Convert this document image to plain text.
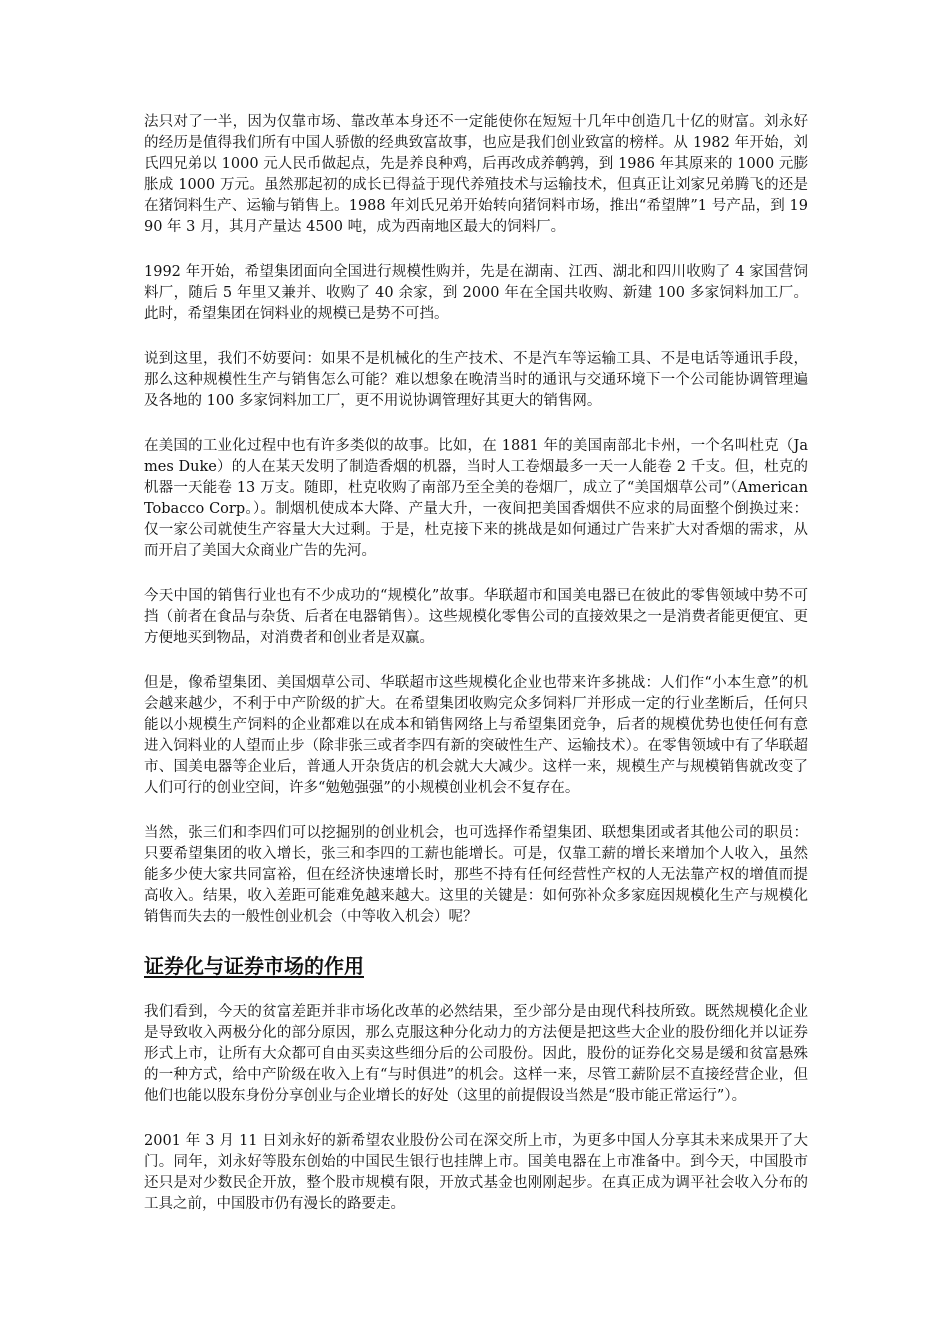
法只对了一半，因为仅靠市场、靠改革本身还不一定能使你在短短十几年中创造几十亿的财富。刘永好的经历是值得我们所有中国人骄傲的经典致富故事，也应是我们创业致富的榜样。从 1982 年开始，刘氏四兄弟以 1000 元人民币做起点，先是养良种鸡，后再改成养鹌鹑，到 1986 年其原来的 1000 元膨胀成 1000 万元。虽然那起初的成长已得益于现代养殖技术与运输技术，但真正让刘家兄弟腾飞的还是在猪饲料生产、运输与销售上。1988 年刘氏兄弟开始转向猪饲料市场，推出“希望牌”1 号产品，到 1990 年 3 月，其月产量达 4500 吨，成为西南地区最大的饲料厂。

1992 年开始，希望集团面向全国进行规模性购并，先是在湖南、江西、湖北和四川收购了 4 家国营饲料厂，随后 5 年里又兼并、收购了 40 余家，到 2000 年在全国共收购、新建 100 多家饲料加工厂。此时，希望集团在饲料业的规模已是势不可挡。

说到这里，我们不妨要问：如果不是机械化的生产技术、不是汽车等运输工具、不是电话等通讯手段，那么这种规模性生产与销售怎么可能？难以想象在晚清当时的通讯与交通环境下一个公司能协调管理遍及各地的 100 多家饲料加工厂，更不用说协调管理好其更大的销售网。

在美国的工业化过程中也有许多类似的故事。比如，在 1881 年的美国南部北卡州，一个名叫杜克（James Duke）的人在某天发明了制造香烟的机器，当时人工卷烟最多一天一人能卷 2 千支。但，杜克的机器一天能卷 13 万支。随即，杜克收购了南部乃至全美的卷烟厂，成立了“美国烟草公司”（American Tobacco Corp。）。制烟机使成本大降、产量大升，一夜间把美国香烟供不应求的局面整个倒换过来：仅一家公司就使生产容量大大过剩。于是，杜克接下来的挑战是如何通过广告来扩大对香烟的需求，从而开启了美国大众商业广告的先河。

今天中国的销售行业也有不少成功的“规模化”故事。华联超市和国美电器已在彼此的零售领域中势不可挡（前者在食品与杂货、后者在电器销售）。这些规模化零售公司的直接效果之一是消费者能更便宜、更方便地买到物品，对消费者和创业者是双赢。

但是，像希望集团、美国烟草公司、华联超市这些规模化企业也带来许多挑战：人们作“小本生意”的机会越来越少，不利于中产阶级的扩大。在希望集团收购完众多饲料厂并形成一定的行业垄断后，任何只能以小规模生产饲料的企业都难以在成本和销售网络上与希望集团竞争，后者的规模优势也使任何有意进入饲料业的人望而止步（除非张三或者李四有新的突破性生产、运输技术）。在零售领域中有了华联超市、国美电器等企业后，普通人开杂货店的机会就大大减少。这样一来，规模生产与规模销售就改变了人们可行的创业空间，许多“勉勉强强”的小规模创业机会不复存在。

当然，张三们和李四们可以挖掘别的创业机会，也可选择作希望集团、联想集团或者其他公司的职员：只要希望集团的收入增长，张三和李四的工薪也能增长。可是，仅靠工薪的增长来增加个人收入，虽然能多少使大家共同富裕，但在经济快速增长时，那些不持有任何经营性产权的人无法靠产权的增值而提高收入。结果，收入差距可能难免越来越大。这里的关键是：如何弥补众多家庭因规模化生产与规模化销售而失去的一般性创业机会（中等收入机会）呢？

证券化与证券市场的作用

我们看到，今天的贫富差距并非市场化改革的必然结果，至少部分是由现代科技所致。既然规模化企业是导致收入两极分化的部分原因，那么克服这种分化动力的方法便是把这些大企业的股份细化并以证券形式上市，让所有大众都可自由买卖这些细分后的公司股份。因此，股份的证券化交易是缓和贫富悬殊的一种方式，给中产阶级在收入上有“与时俱进”的机会。这样一来，尽管工薪阶层不直接经营企业，但他们也能以股东身份分享创业与企业增长的好处（这里的前提假设当然是“股市能正常运行”）。

2001 年 3 月 11 日刘永好的新希望农业股份公司在深交所上市，为更多中国人分享其未来成果开了大门。同年，刘永好等股东创始的中国民生银行也挂牌上市。国美电器在上市准备中。到今天，中国股市还只是对少数民企开放，整个股市规模有限，开放式基金也刚刚起步。在真正成为调平社会收入分布的工具之前，中国股市仍有漫长的路要走。
